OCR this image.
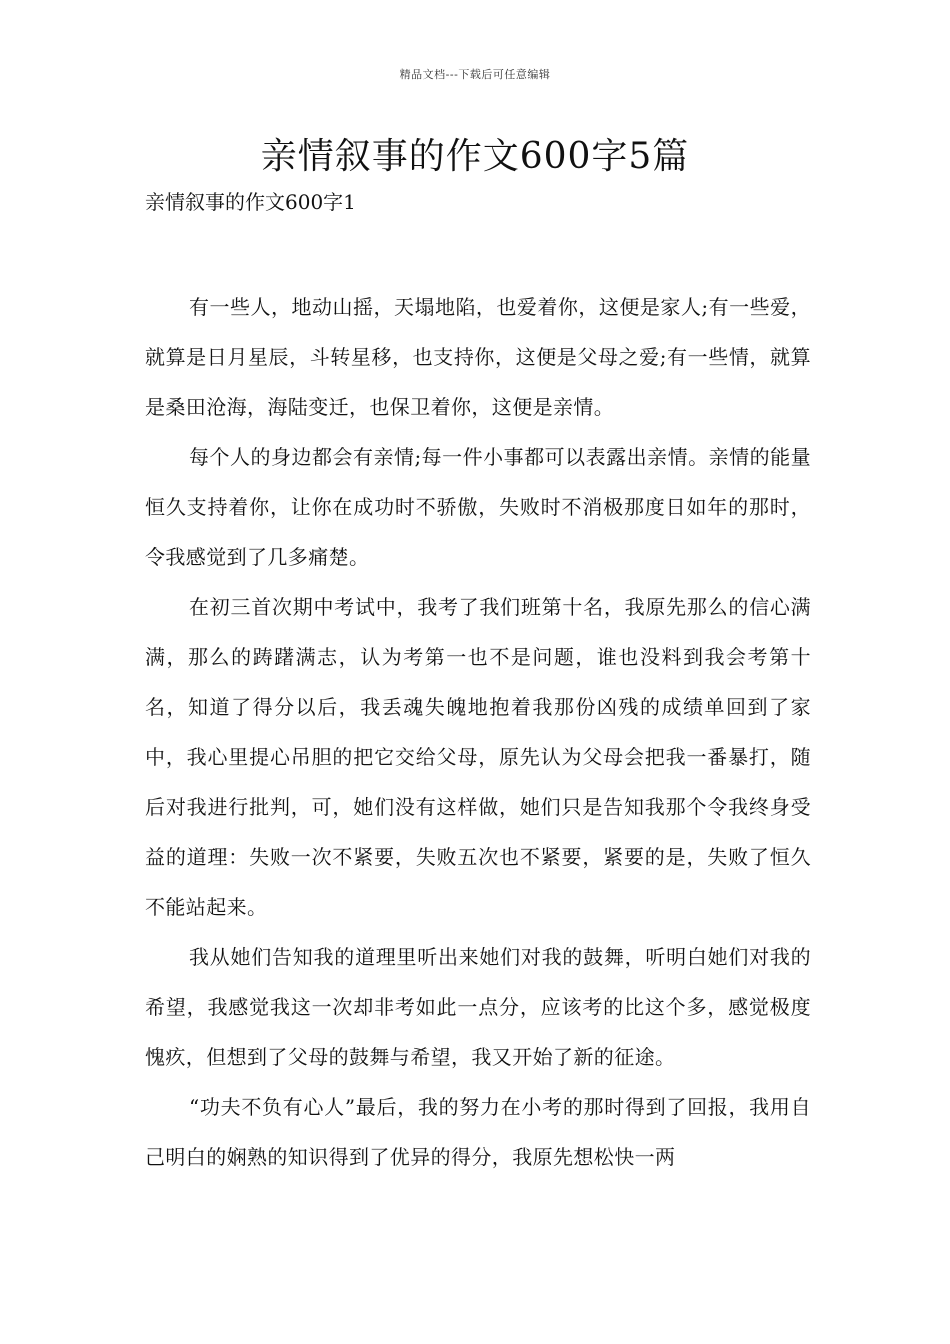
精品文档---下载后可任意编辑
亲情叙事的作文600字5篇
亲情叙事的作文600字1

有一些人，地动山摇，天塌地陷，也爱着你，这便是家人;有一些爱，就算是日月星辰，斗转星移，也支持你，这便是父母之爱;有一些情，就算是桑田沧海，海陆变迁，也保卫着你，这便是亲情。

每个人的身边都会有亲情;每一件小事都可以表露出亲情。亲情的能量恒久支持着你，让你在成功时不骄傲，失败时不消极那度日如年的那时，令我感觉到了几多痛楚。

在初三首次期中考试中，我考了我们班第十名，我原先那么的信心满满，那么的踌躇满志，认为考第一也不是问题，谁也没料到我会考第十名，知道了得分以后，我丢魂失魄地抱着我那份凶残的成绩单回到了家中，我心里提心吊胆的把它交给父母，原先认为父母会把我一番暴打，随后对我进行批判，可，她们没有这样做，她们只是告知我那个令我终身受益的道理：失败一次不紧要，失败五次也不紧要，紧要的是，失败了恒久不能站起来。

我从她们告知我的道理里听出来她们对我的鼓舞，听明白她们对我的希望，我感觉我这一次却非考如此一点分，应该考的比这个多，感觉极度愧疚，但想到了父母的鼓舞与希望，我又开始了新的征途。

“功夫不负有心人”最后，我的努力在小考的那时得到了回报，我用自己明白的娴熟的知识得到了优异的得分，我原先想松快一两
